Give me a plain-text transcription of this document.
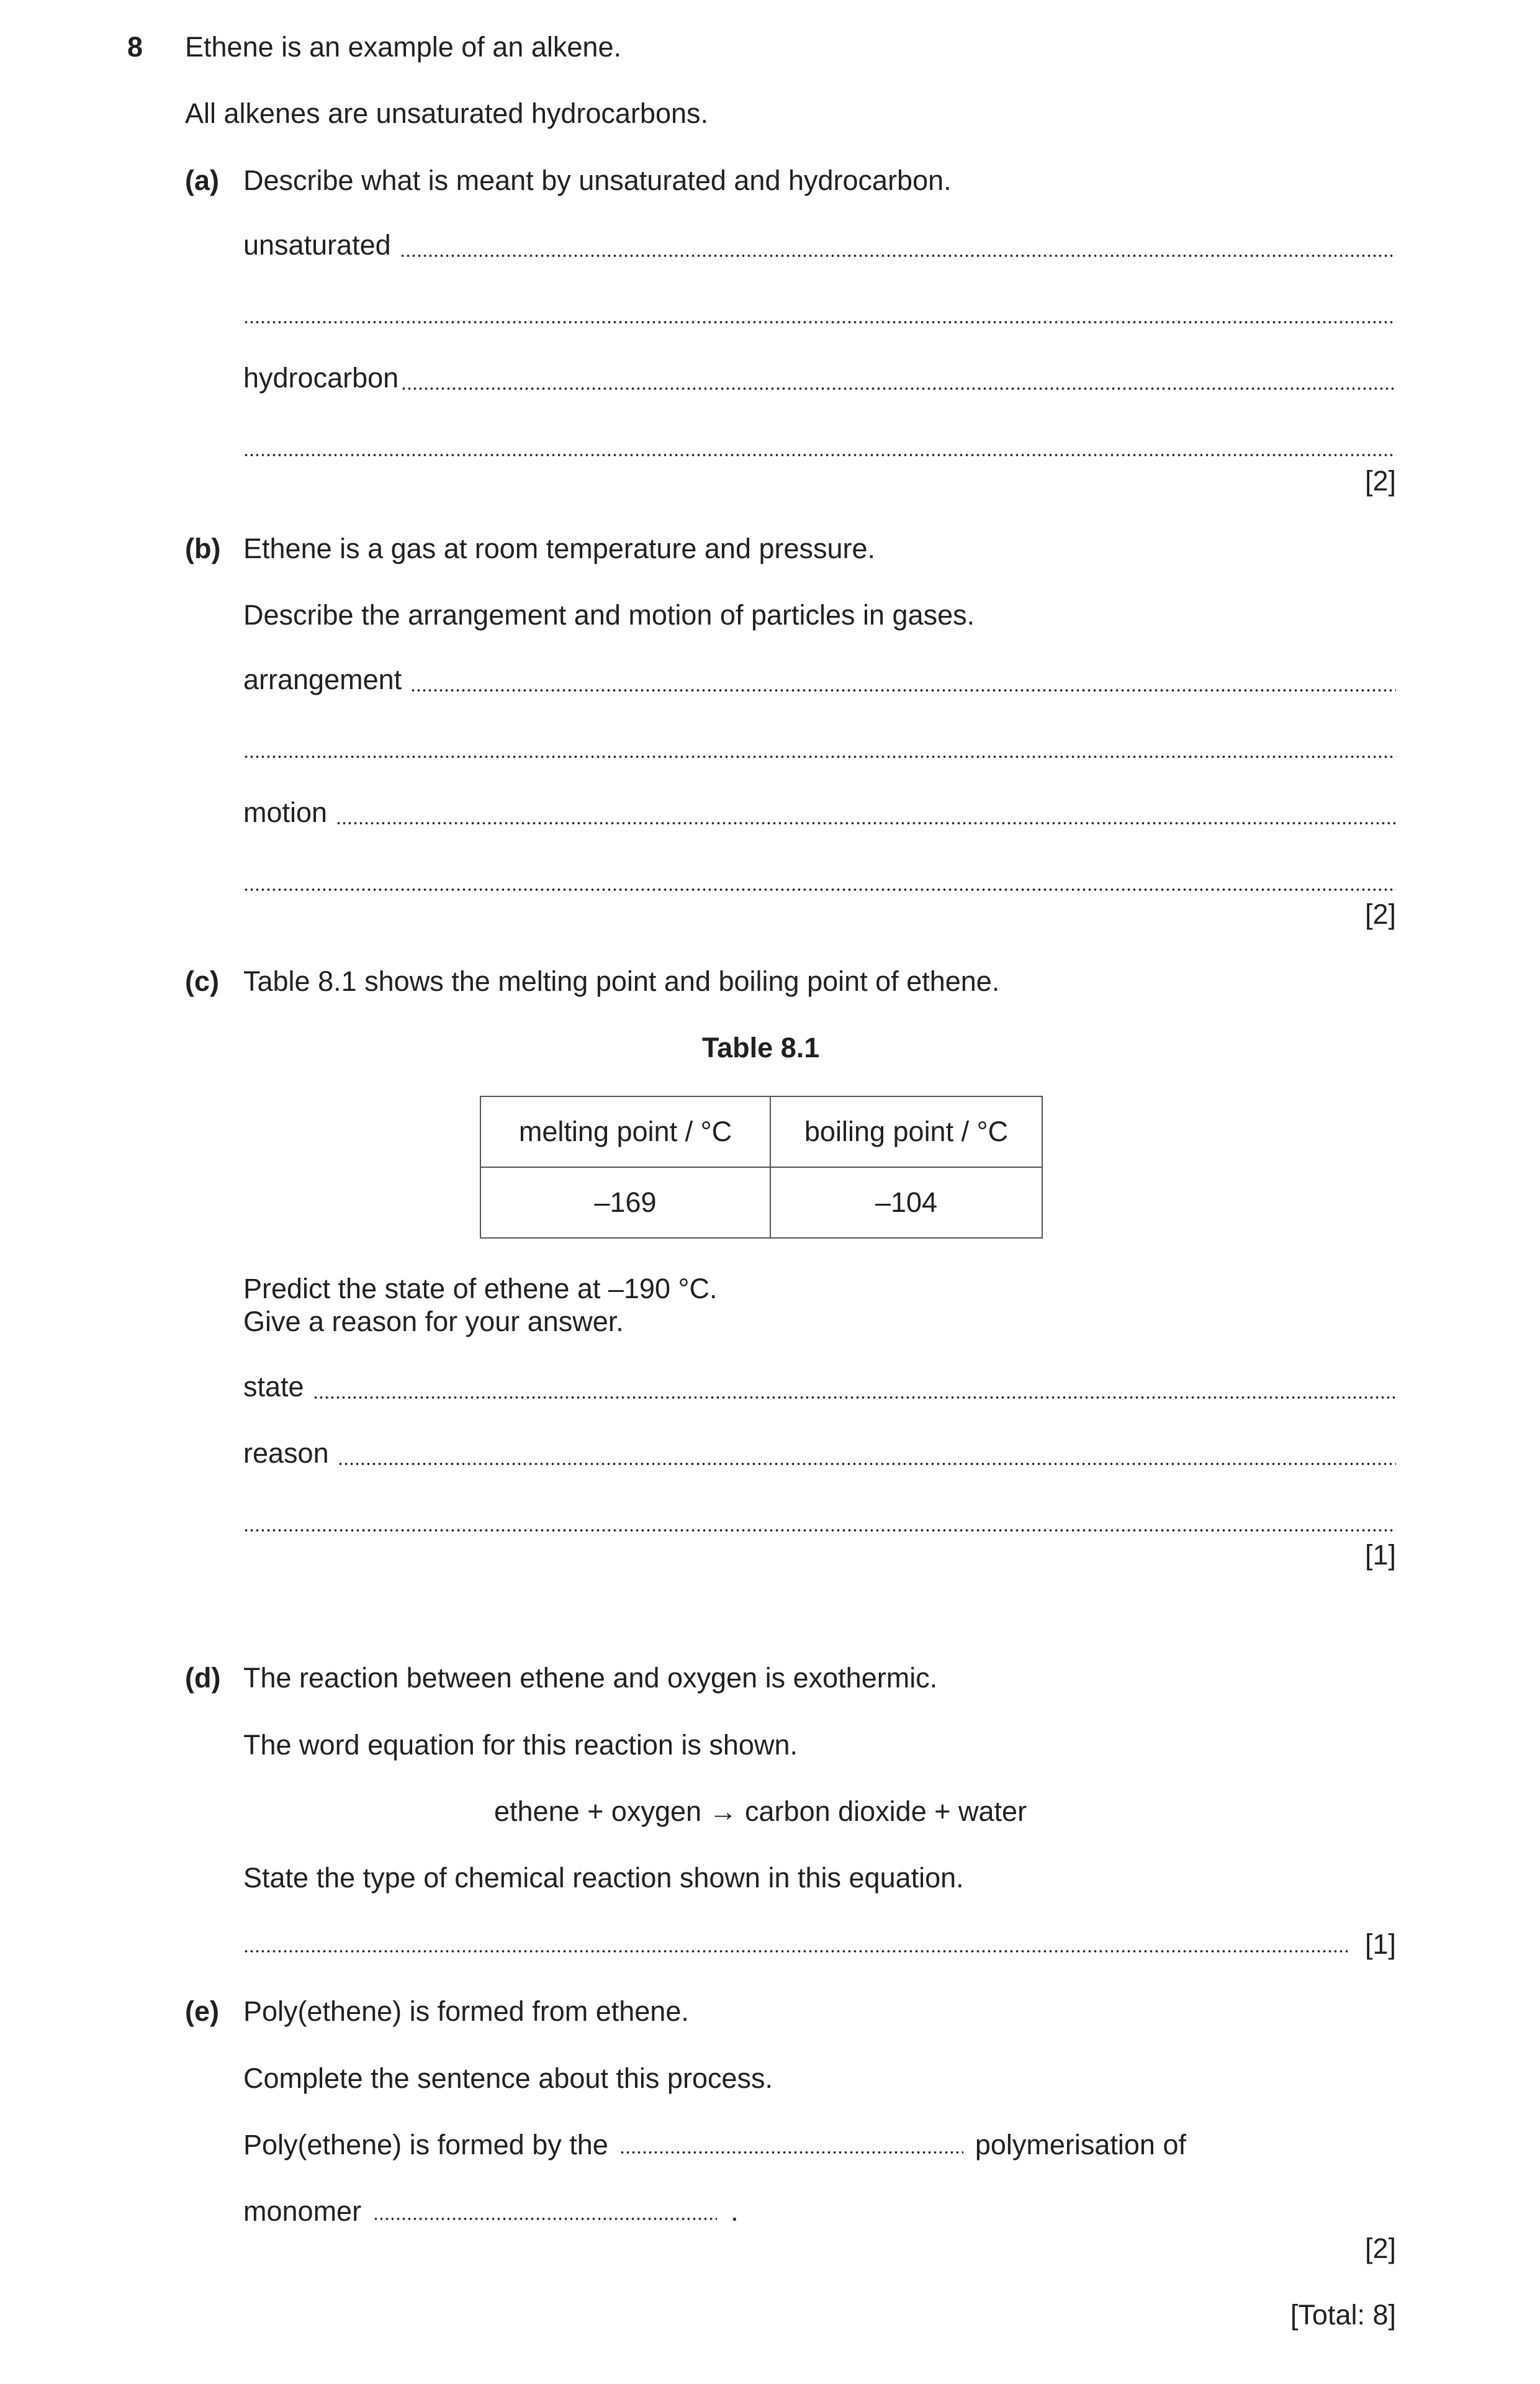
8 Ethene is an example of an alkene.
All alkenes are unsaturated hydrocarbons.
(a) Describe what is meant by unsaturated and hydrocarbon.
unsaturated
hydrocarbon
[2]
(b) Ethene is a gas at room temperature and pressure.
Describe the arrangement and motion of particles in gases.
arrangement
motion
[2]
(c) Table 8.1 shows the melting point and boiling point of ethene.
Table 8.1
melting point / °C	boiling point / °C
–169	–104
Predict the state of ethene at –190 °C.
Give a reason for your answer.
state
reason
[1]
(d) The reaction between ethene and oxygen is exothermic.
The word equation for this reaction is shown.
ethene + oxygen → carbon dioxide + water
State the type of chemical reaction shown in this equation.
[1]
(e) Poly(ethene) is formed from ethene.
Complete the sentence about this process.
Poly(ethene) is formed by the	polymerisation of
monomer	.
[2]
[Total: 8]
